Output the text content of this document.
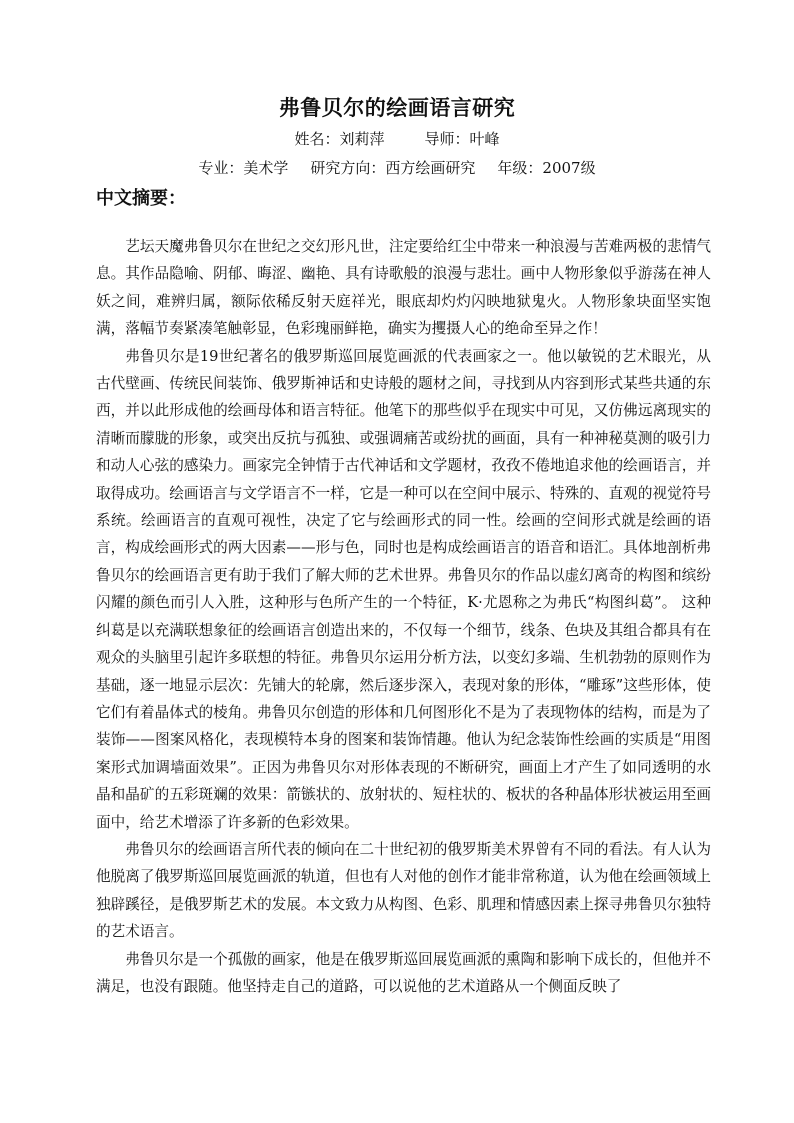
弗鲁贝尔的绘画语言研究
姓名：刘莉萍	导师：叶峰
专业：美术学 研究方向：西方绘画研究 年级：2007级
中文摘要：

艺坛天魔弗鲁贝尔在世纪之交幻形凡世，注定要给红尘中带来一种浪漫与苦难两极的悲情气息。其作品隐喻、阴郁、晦涩、幽艳、具有诗歌般的浪漫与悲壮。画中人物形象似乎游荡在神人妖之间，难辨归属，额际依稀反射天庭祥光，眼底却灼灼闪映地狱鬼火。人物形象块面坚实饱满，落幅节奏紧凑笔触彰显，色彩瑰丽鲜艳，确实为攫摄人心的绝命至异之作！

弗鲁贝尔是19世纪著名的俄罗斯巡回展览画派的代表画家之一。他以敏锐的艺术眼光，从古代壁画、传统民间装饰、俄罗斯神话和史诗般的题材之间，寻找到从内容到形式某些共通的东西，并以此形成他的绘画母体和语言特征。他笔下的那些似乎在现实中可见，又仿佛远离现实的清晰而朦胧的形象，或突出反抗与孤独、或强调痛苦或纷扰的画面，具有一种神秘莫测的吸引力和动人心弦的感染力。画家完全钟情于古代神话和文学题材，孜孜不倦地追求他的绘画语言，并取得成功。绘画语言与文学语言不一样，它是一种可以在空间中展示、特殊的、直观的视觉符号系统。绘画语言的直观可视性，决定了它与绘画形式的同一性。绘画的空间形式就是绘画的语言，构成绘画形式的两大因素——形与色，同时也是构成绘画语言的语音和语汇。具体地剖析弗鲁贝尔的绘画语言更有助于我们了解大师的艺术世界。弗鲁贝尔的作品以虚幻离奇的构图和缤纷闪耀的颜色而引人入胜，这种形与色所产生的一个特征，K·尤恩称之为弗氏“构图纠葛”。 这种纠葛是以充满联想象征的绘画语言创造出来的，不仅每一个细节，线条、色块及其组合都具有在观众的头脑里引起许多联想的特征。弗鲁贝尔运用分析方法，以变幻多端、生机勃勃的原则作为基础，逐一地显示层次：先铺大的轮廓，然后逐步深入，表现对象的形体，“雕琢”这些形体，使它们有着晶体式的棱角。弗鲁贝尔创造的形体和几何图形化不是为了表现物体的结构，而是为了装饰——图案风格化，表现模特本身的图案和装饰情趣。他认为纪念装饰性绘画的实质是“用图案形式加调墙面效果”。正因为弗鲁贝尔对形体表现的不断研究，画面上才产生了如同透明的水晶和晶矿的五彩斑斓的效果：箭镞状的、放射状的、短柱状的、板状的各种晶体形状被运用至画面中，给艺术增添了许多新的色彩效果。

弗鲁贝尔的绘画语言所代表的倾向在二十世纪初的俄罗斯美术界曾有不同的看法。有人认为他脱离了俄罗斯巡回展览画派的轨道，但也有人对他的创作才能非常称道，认为他在绘画领域上独辟蹊径，是俄罗斯艺术的发展。本文致力从构图、色彩、肌理和情感因素上探寻弗鲁贝尔独特的艺术语言。

弗鲁贝尔是一个孤傲的画家，他是在俄罗斯巡回展览画派的熏陶和影响下成长的，但他并不满足，也没有跟随。他坚持走自己的道路，可以说他的艺术道路从一个侧面反映了
